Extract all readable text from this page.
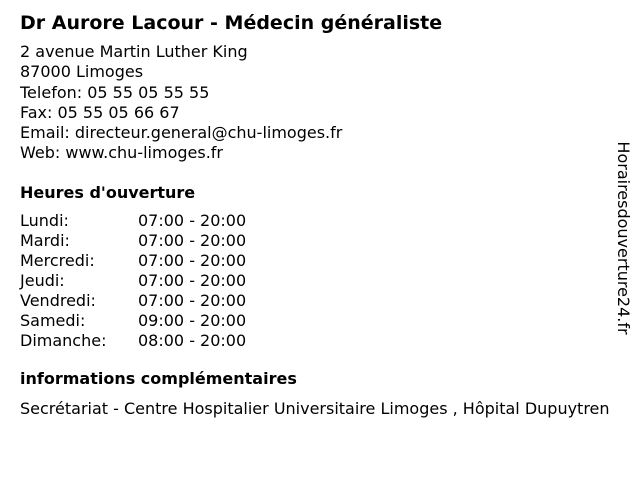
Dr Aurore Lacour - Médecin généraliste
2 avenue Martin Luther King
87000 Limoges
Telefon: 05 55 05 55 55
Fax: 05 55 05 66 67
Email: directeur.general@chu-limoges.fr
Web: www.chu-limoges.fr
Heures d'ouverture
Lundi:	07:00 - 20:00
Mardi:	07:00 - 20:00
Mercredi:	07:00 - 20:00
Jeudi:	07:00 - 20:00
Vendredi:	07:00 - 20:00
Samedi:	09:00 - 20:00
Dimanche:	08:00 - 20:00
informations complémentaires
Secrétariat - Centre Hospitalier Universitaire Limoges , Hôpital Dupuytren
Horairesdouverture24.fr
